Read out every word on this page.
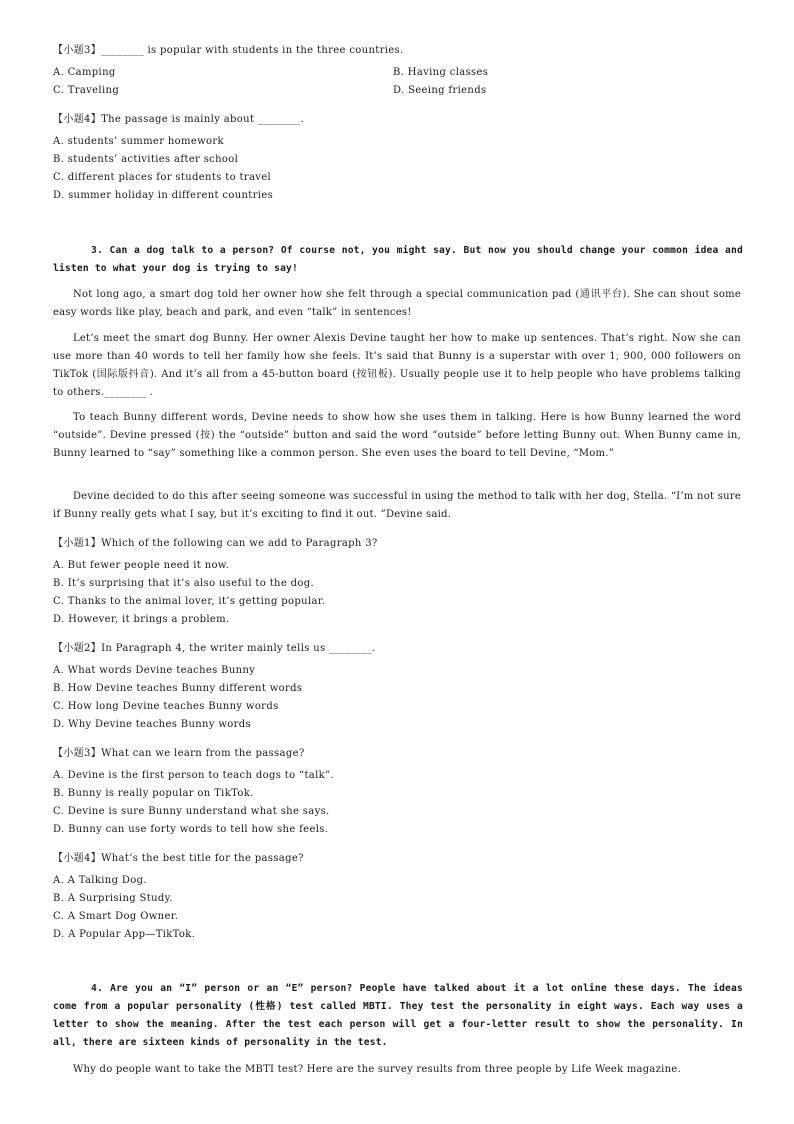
【小题3】________ is popular with students in the three countries.
A. Camping	B. Having classes
C. Traveling	D. Seeing friends
【小题4】The passage is mainly about ________.
A. students’ summer homework
B. students’ activities after school
C. different places for students to travel
D. summer holiday in different countries
3. Can a dog talk to a person? Of course not, you might say. But now you should change your common idea and listen to what your dog is trying to say!
Not long ago, a smart dog told her owner how she felt through a special communication pad (通讯平台). She can shout some easy words like play, beach and park, and even “talk” in sentences!
Let’s meet the smart dog Bunny. Her owner Alexis Devine taught her how to make up sentences. That’s right. Now she can use more than 40 words to tell her family how she feels. It’s said that Bunny is a superstar with over 1, 900, 000 followers on TikTok (国际版抖音). And it’s all from a 45-button board (按钮板). Usually people use it to help people who have problems talking to others.________ .
To teach Bunny different words, Devine needs to show how she uses them in talking. Here is how Bunny learned the word “outside”. Devine pressed (按) the “outside” button and said the word “outside” before letting Bunny out. When Bunny came in, Bunny learned to “say” something like a common person. She even uses the board to tell Devine, “Mom.”
Devine decided to do this after seeing someone was successful in using the method to talk with her dog, Stella. “I’m not sure if Bunny really gets what I say, but it’s exciting to find it out. ”Devine said.
【小题1】Which of the following can we add to Paragraph 3?
A. But fewer people need it now.
B. It’s surprising that it’s also useful to the dog.
C. Thanks to the animal lover, it’s getting popular.
D. However, it brings a problem.
【小题2】In Paragraph 4, the writer mainly tells us ________.
A. What words Devine teaches Bunny
B. How Devine teaches Bunny different words
C. How long Devine teaches Bunny words
D. Why Devine teaches Bunny words
【小题3】What can we learn from the passage?
A. Devine is the first person to teach dogs to “talk”.
B. Bunny is really popular on TikTok.
C. Devine is sure Bunny understand what she says.
D. Bunny can use forty words to tell how she feels.
【小题4】What’s the best title for the passage?
A. A Talking Dog.
B. A Surprising Study.
C. A Smart Dog Owner.
D. A Popular App—TikTok.
4. Are you an “I” person or an “E” person? People have talked about it a lot online these days. The ideas come from a popular personality (性格) test called MBTI. They test the personality in eight ways. Each way uses a letter to show the meaning. After the test each person will get a four-letter result to show the personality. In all, there are sixteen kinds of personality in the test.
Why do people want to take the MBTI test? Here are the survey results from three people by Life Week magazine.
